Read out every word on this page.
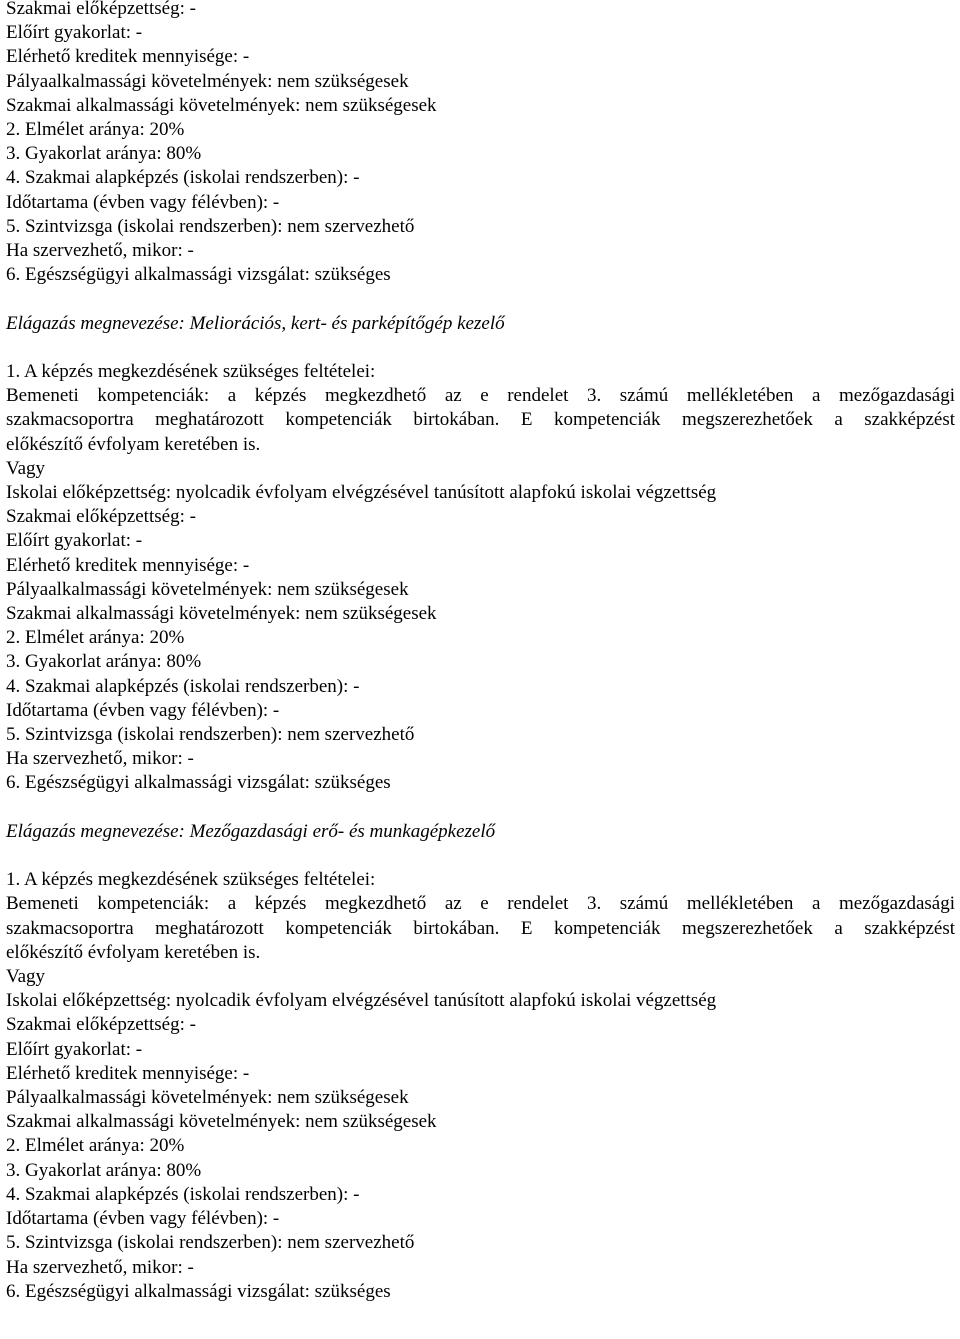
Szakmai előképzettség: -
Előírt gyakorlat: -
Elérhető kreditek mennyisége: -
Pályaalkalmassági követelmények: nem szükségesek
Szakmai alkalmassági követelmények: nem szükségesek
2. Elmélet aránya: 20%
3. Gyakorlat aránya: 80%
4. Szakmai alapképzés (iskolai rendszerben): -
Időtartama (évben vagy félévben): -
5. Szintvizsga (iskolai rendszerben): nem szervezhető
Ha szervezhető, mikor: -
6. Egészségügyi alkalmassági vizsgálat: szükséges
Elágazás megnevezése: Meliorációs, kert- és parképítőgép kezelő
1. A képzés megkezdésének szükséges feltételei:
Bemeneti kompetenciák: a képzés megkezdhető az e rendelet 3. számú mellékletében a mezőgazdasági
szakmacsoportra meghatározott kompetenciák birtokában. E kompetenciák megszerezhetőek a szakképzést
előkészítő évfolyam keretében is.
Vagy
Iskolai előképzettség: nyolcadik évfolyam elvégzésével tanúsított alapfokú iskolai végzettség
Szakmai előképzettség: -
Előírt gyakorlat: -
Elérhető kreditek mennyisége: -
Pályaalkalmassági követelmények: nem szükségesek
Szakmai alkalmassági követelmények: nem szükségesek
2. Elmélet aránya: 20%
3. Gyakorlat aránya: 80%
4. Szakmai alapképzés (iskolai rendszerben): -
Időtartama (évben vagy félévben): -
5. Szintvizsga (iskolai rendszerben): nem szervezhető
Ha szervezhető, mikor: -
6. Egészségügyi alkalmassági vizsgálat: szükséges
Elágazás megnevezése: Mezőgazdasági erő- és munkagépkezelő
1. A képzés megkezdésének szükséges feltételei:
Bemeneti kompetenciák: a képzés megkezdhető az e rendelet 3. számú mellékletében a mezőgazdasági
szakmacsoportra meghatározott kompetenciák birtokában. E kompetenciák megszerezhetőek a szakképzést
előkészítő évfolyam keretében is.
Vagy
Iskolai előképzettség: nyolcadik évfolyam elvégzésével tanúsított alapfokú iskolai végzettség
Szakmai előképzettség: -
Előírt gyakorlat: -
Elérhető kreditek mennyisége: -
Pályaalkalmassági követelmények: nem szükségesek
Szakmai alkalmassági követelmények: nem szükségesek
2. Elmélet aránya: 20%
3. Gyakorlat aránya: 80%
4. Szakmai alapképzés (iskolai rendszerben): -
Időtartama (évben vagy félévben): -
5. Szintvizsga (iskolai rendszerben): nem szervezhető
Ha szervezhető, mikor: -
6. Egészségügyi alkalmassági vizsgálat: szükséges
